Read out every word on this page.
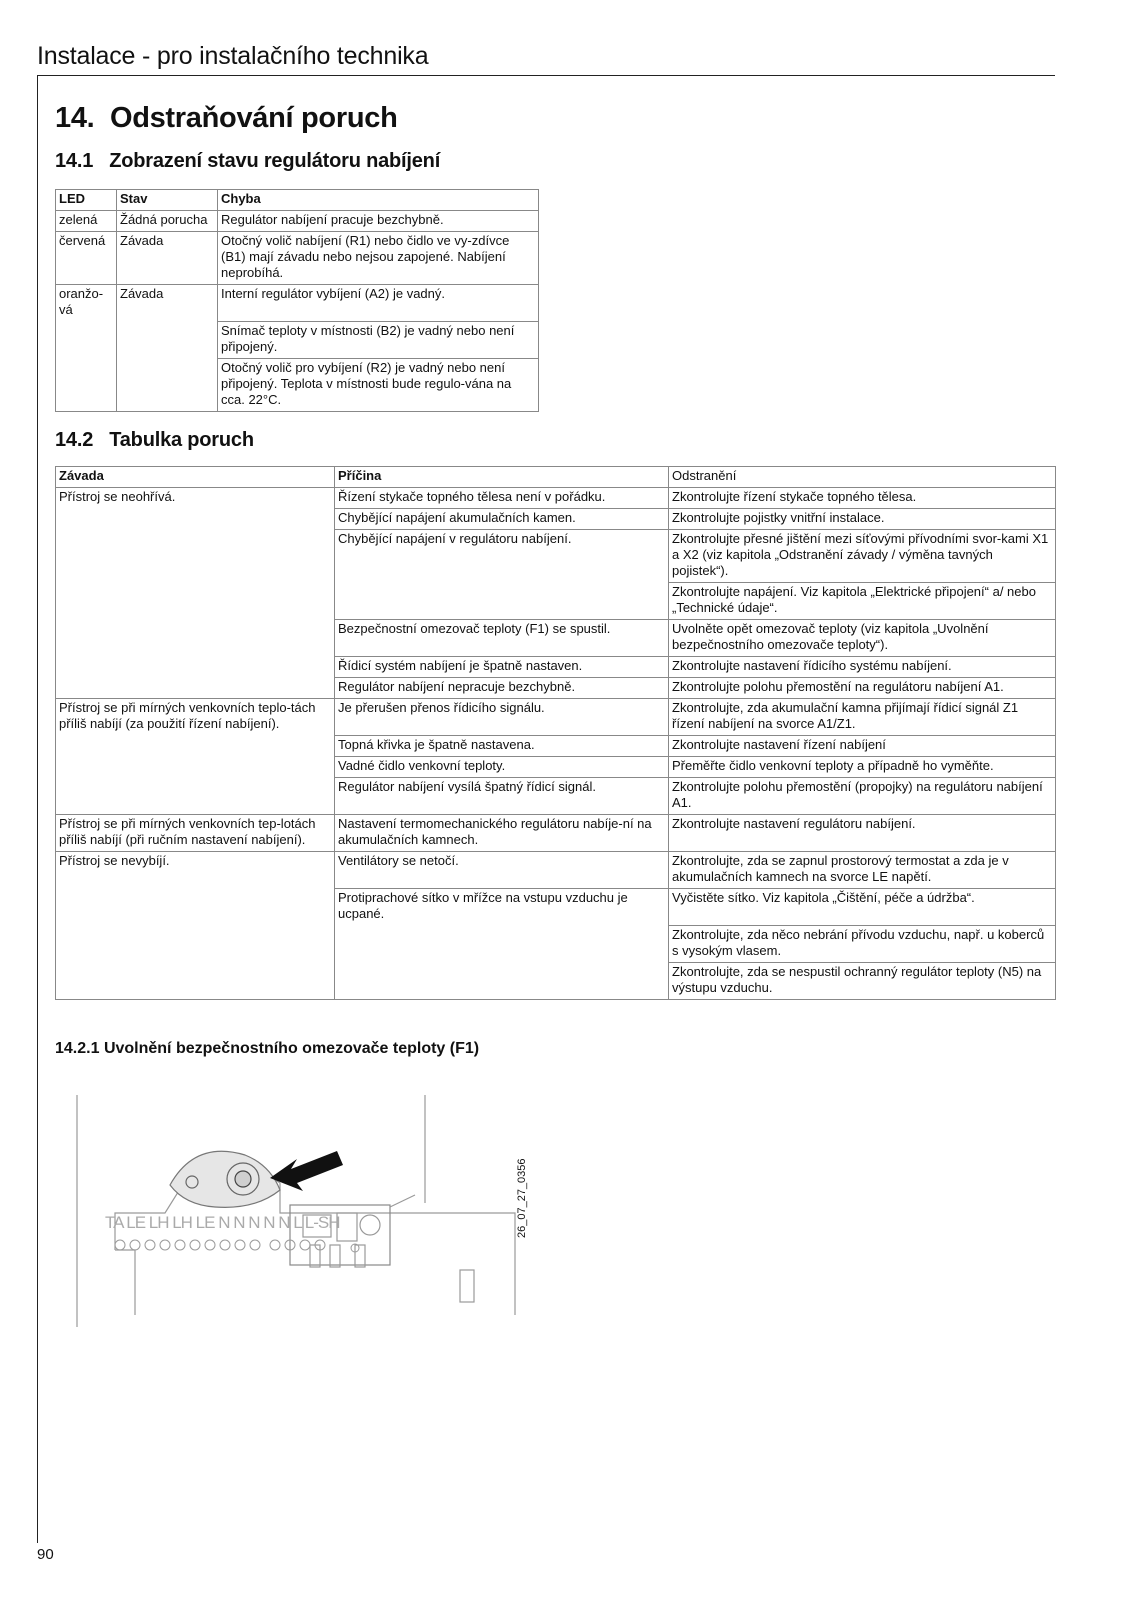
Instalace - pro instalačního technika
14. Odstraňování poruch
14.1 Zobrazení stavu regulátoru nabíjení
LED	Stav	Chyba
zelená	Žádná porucha	Regulátor nabíjení pracuje bezchybně.
červená	Závada	Otočný volič nabíjení (R1) nebo čidlo ve vy-zdívce (B1) mají závadu nebo nejsou zapojené. Nabíjení neprobíhá.
oranžo-vá	Závada	Interní regulátor vybíjení (A2) je vadný.
		Snímač teploty v místnosti (B2) je vadný nebo není připojený.
		Otočný volič pro vybíjení (R2) je vadný nebo není připojený. Teplota v místnosti bude regulo-vána na cca. 22°C.
14.2 Tabulka poruch
Závada	Příčina	Odstranění
Přístroj se neohřívá.	Řízení stykače topného tělesa není v pořádku.	Zkontrolujte řízení stykače topného tělesa.
	Chybějící napájení akumulačních kamen.	Zkontrolujte pojistky vnitřní instalace.
	Chybějící napájení v regulátoru nabíjení.	Zkontrolujte přesné jištění mezi síťovými přívodními svor-kami X1 a X2 (viz kapitola „Odstranění závady / výměna tavných pojistek“).
		Zkontrolujte napájení. Viz kapitola „Elektrické připojení“ a/ nebo „Technické údaje“.
	Bezpečnostní omezovač teploty (F1) se spustil.	Uvolněte opět omezovač teploty (viz kapitola „Uvolnění bezpečnostního omezovače teploty“).
	Řídicí systém nabíjení je špatně nastaven.	Zkontrolujte nastavení řídicího systému nabíjení.
	Regulátor nabíjení nepracuje bezchybně.	Zkontrolujte polohu přemostění na regulátoru nabíjení A1.
Přístroj se při mírných venkovních teplo-tách příliš nabíjí (za použití řízení nabíjení).	Je přerušen přenos řídicího signálu.	Zkontrolujte, zda akumulační kamna přijímají řídicí signál Z1 řízení nabíjení na svorce A1/Z1.
	Topná křivka je špatně nastavena.	Zkontrolujte nastavení řízení nabíjení
	Vadné čidlo venkovní teploty.	Přeměřte čidlo venkovní teploty a případně ho vyměňte.
	Regulátor nabíjení vysílá špatný řídicí signál.	Zkontrolujte polohu přemostění (propojky) na regulátoru nabíjení A1.
Přístroj se při mírných venkovních tep-lotách příliš nabíjí (při ručním nastavení nabíjení).	Nastavení termomechanického regulátoru nabíje-ní na akumulačních kamnech.	Zkontrolujte nastavení regulátoru nabíjení.
Přístroj se nevybíjí.	Ventilátory se netočí.	Zkontrolujte, zda se zapnul prostorový termostat a zda je v akumulačních kamnech na svorce LE napětí.
	Protiprachové sítko v mřížce na vstupu vzduchu je ucpané.	Vyčistěte sítko. Viz kapitola „Čištění, péče a údržba“.
		Zkontrolujte, zda něco nebrání přívodu vzduchu, např. u koberců s vysokým vlasem.
		Zkontrolujte, zda se nespustil ochranný regulátor teploty (N5) na výstupu vzduchu.
14.2.1 Uvolnění bezpečnostního omezovače teploty (F1)
TA LE LH LH LE N N N N N L L-SH	26_07_27_0356
90
